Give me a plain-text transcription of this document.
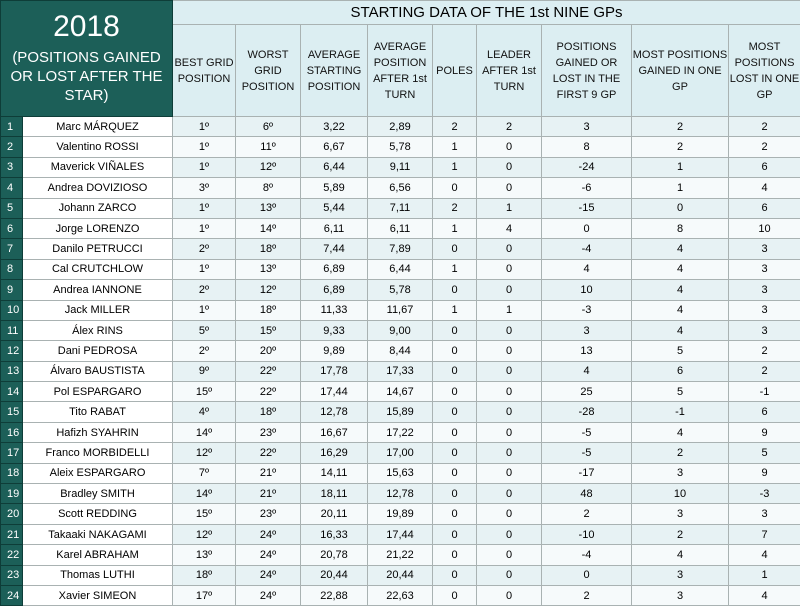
2018
(POSITIONS GAINED OR LOST AFTER THE STAR)		STARTING DATA OF THE 1st NINE GPs								
		BEST GRID POSITION	WORST GRID POSITION	AVERAGE STARTING POSITION	AVERAGE POSITION AFTER 1st TURN	POLES	LEADER AFTER 1st TURN	POSITIONS GAINED OR LOST IN THE FIRST 9 GP	MOST POSITIONS GAINED IN ONE GP	MOST POSITIONS LOST IN ONE GP
1	Marc MÁRQUEZ	1º	6º	3,22	2,89	2	2	3	2	2
2	Valentino ROSSI	1º	11º	6,67	5,78	1	0	8	2	2
3	Maverick VIÑALES	1º	12º	6,44	9,11	1	0	-24	1	6
4	Andrea DOVIZIOSO	3º	8º	5,89	6,56	0	0	-6	1	4
5	Johann ZARCO	1º	13º	5,44	7,11	2	1	-15	0	6
6	Jorge LORENZO	1º	14º	6,11	6,11	1	4	0	8	10
7	Danilo PETRUCCI	2º	18º	7,44	7,89	0	0	-4	4	3
8	Cal CRUTCHLOW	1º	13º	6,89	6,44	1	0	4	4	3
9	Andrea IANNONE	2º	12º	6,89	5,78	0	0	10	4	3
10	Jack MILLER	1º	18º	11,33	11,67	1	1	-3	4	3
11	Álex RINS	5º	15º	9,33	9,00	0	0	3	4	3
12	Dani PEDROSA	2º	20º	9,89	8,44	0	0	13	5	2
13	Álvaro BAUSTISTA	9º	22º	17,78	17,33	0	0	4	6	2
14	Pol ESPARGARO	15º	22º	17,44	14,67	0	0	25	5	-1
15	Tito RABAT	4º	18º	12,78	15,89	0	0	-28	-1	6
16	Hafizh SYAHRIN	14º	23º	16,67	17,22	0	0	-5	4	9
17	Franco MORBIDELLI	12º	22º	16,29	17,00	0	0	-5	2	5
18	Aleix ESPARGARO	7º	21º	14,11	15,63	0	0	-17	3	9
19	Bradley SMITH	14º	21º	18,11	12,78	0	0	48	10	-3
20	Scott REDDING	15º	23º	20,11	19,89	0	0	2	3	3
21	Takaaki NAKAGAMI	12º	24º	16,33	17,44	0	0	-10	2	7
22	Karel ABRAHAM	13º	24º	20,78	21,22	0	0	-4	4	4
23	Thomas LUTHI	18º	24º	20,44	20,44	0	0	0	3	1
24	Xavier SIMEON	17º	24º	22,88	22,63	0	0	2	3	4
